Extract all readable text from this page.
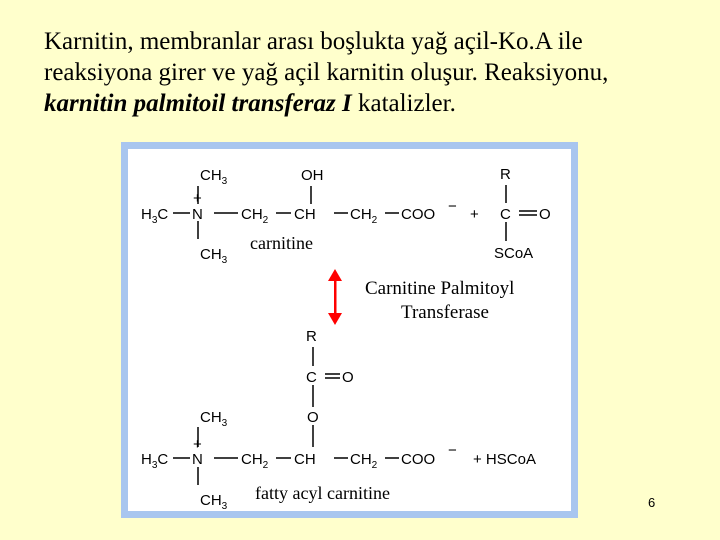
Karnitin, membranlar arası boşlukta yağ açil-Ko.A ile
reaksiyona girer ve yağ açil karnitin oluşur. Reaksiyonu,
karnitin palmitoil transferaz I katalizler.
$CH_3$
+
$H_3C$ N	$CH_2$ CH
OH
$CH_2$ COO −
$CH_3$
carnitine
+
R
C O
SCoA
Carnitine Palmitoyl
Transferase
R
C O
O
$CH_3$
+
$H_3C$ N	$CH_2$ CH $CH_2$ COO
−
+ HSCoA
$CH_3$
fatty acyl carnitine	6
